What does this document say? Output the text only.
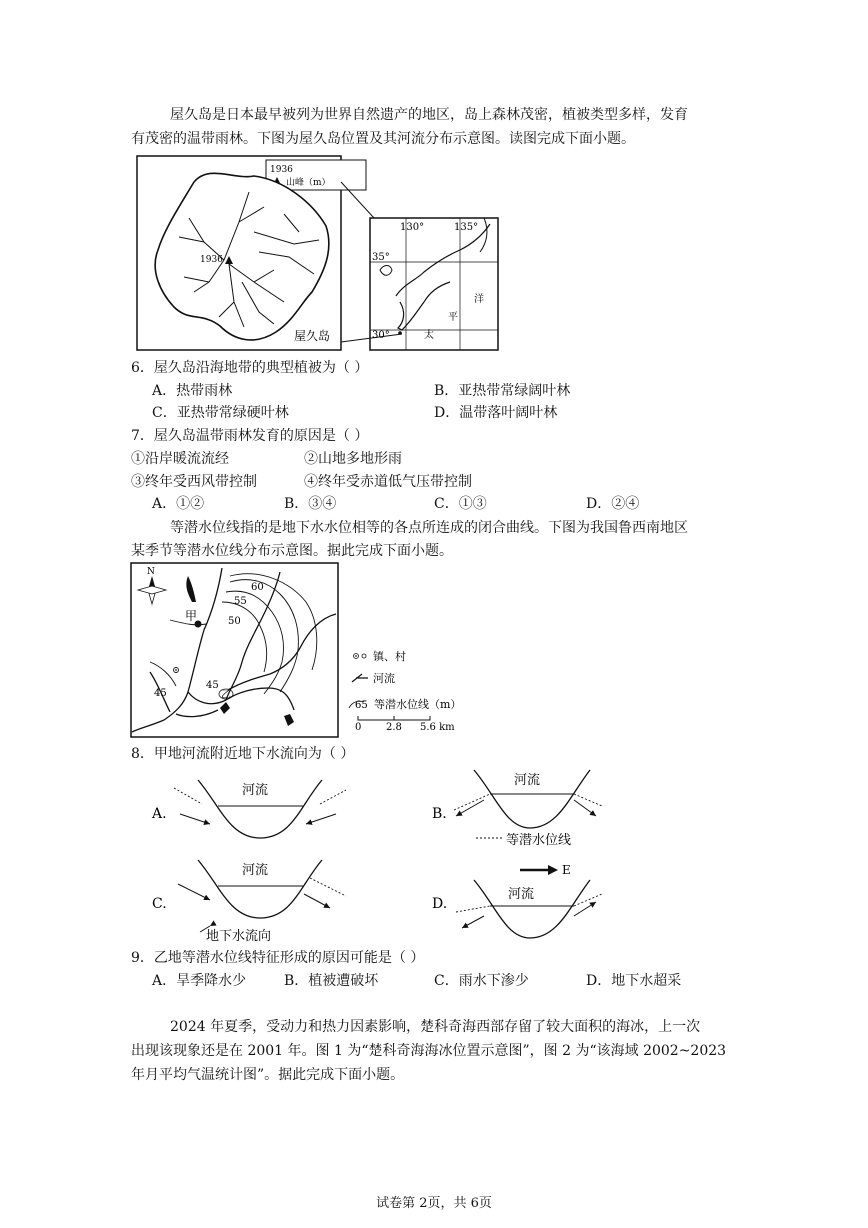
屋久岛是日本最早被列为世界自然遗产的地区，岛上森林茂密，植被类型多样，发育
有茂密的温带雨林。下图为屋久岛位置及其河流分布示意图。读图完成下面小题。
1936
山峰（m）
1936
屋久岛
130°	135°
35°
30°	太
平
洋
6．屋久岛沿海地带的典型植被为（ ）
A．热带雨林	B．亚热带常绿阔叶林
C．亚热带常绿硬叶林	D．温带落叶阔叶林
7．屋久岛温带雨林发育的原因是（ ）
①沿岸暖流流经	②山地多地形雨
③终年受西风带控制	④终年受赤道低气压带控制
A．①②	B．③④	C．①③	D．②④
等潜水位线指的是地下水水位相等的各点所连成的闭合曲线。下图为我国鲁西南地区
某季节等潜水位线分布示意图。据此完成下面小题。
N
甲
乙
60
55
50
45
45
镇、村
河流
65 等潜水位线（m）
0 2.8 5.6 km
8．甲地河流附近地下水流向为（ ）
A.
河流
B.
河流
等潜水位线
E
C.
河流
地下水流向
D.
河流
9．乙地等潜水位线特征形成的原因可能是（ ）
A．旱季降水少	B．植被遭破坏	C．雨水下渗少	D．地下水超采
2024 年夏季，受动力和热力因素影响，楚科奇海西部存留了较大面积的海冰，上一次
出现该现象还是在 2001 年。图 1 为“楚科奇海海冰位置示意图”，图 2 为“该海域 2002~2023
年月平均气温统计图”。据此完成下面小题。
试卷第 2页，共 6页
